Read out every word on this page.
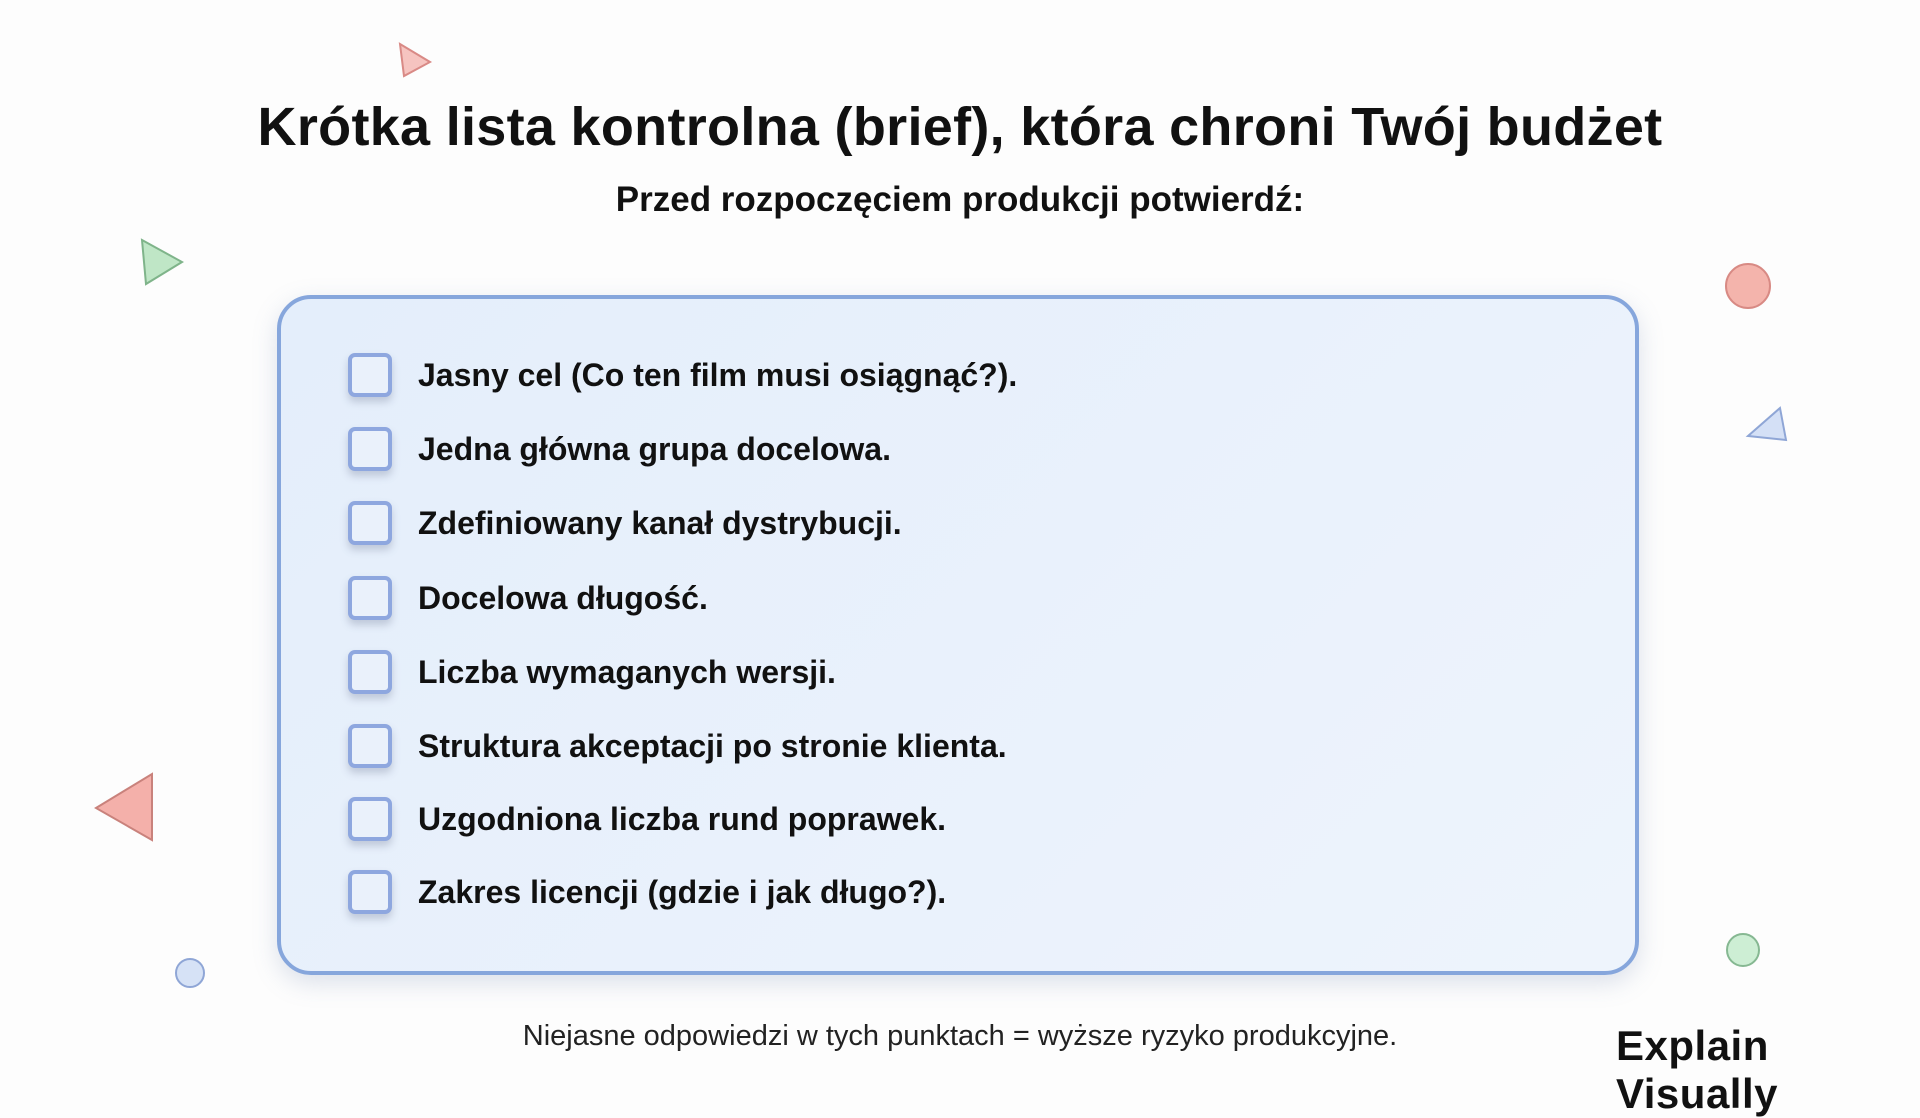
Krótka lista kontrolna (brief), która chroni Twój budżet
Przed rozpoczęciem produkcji potwierdź:
Jasny cel (Co ten film musi osiągnąć?).
Jedna główna grupa docelowa.
Zdefiniowany kanał dystrybucji.
Docelowa długość.
Liczba wymaganych wersji.
Struktura akceptacji po stronie klienta.
Uzgodniona liczba rund poprawek.
Zakres licencji (gdzie i jak długo?).
Niejasne odpowiedzi w tych punktach = wyższe ryzyko produkcyjne.	Explain Visually
